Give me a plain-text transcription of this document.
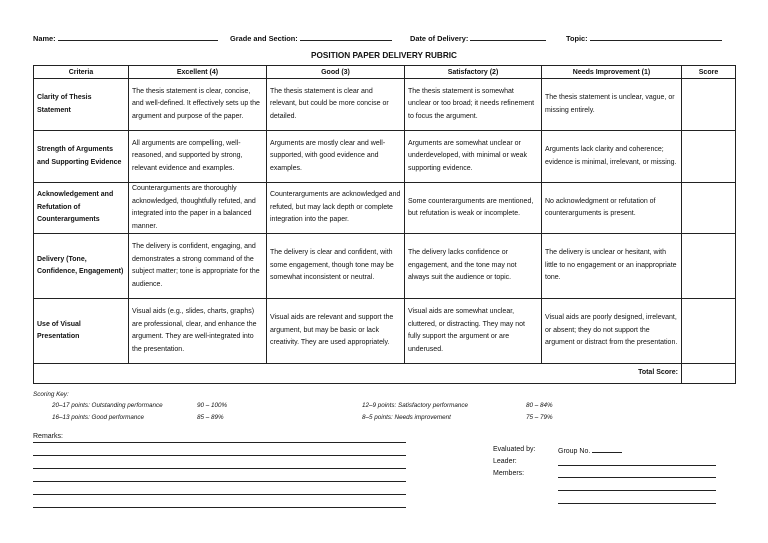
Name:	Grade and Section:	Date of Delivery:	Topic:
POSITION PAPER DELIVERY RUBRIC
Criteria	Excellent (4)	Good (3)	Satisfactory (2)	Needs Improvement (1)	Score
Clarity of Thesis Statement	The thesis statement is clear, concise, and well-defined. It effectively sets up the argument and purpose of the paper.	The thesis statement is clear and relevant, but could be more concise or detailed.	The thesis statement is somewhat unclear or too broad; it needs refinement to focus the argument.	The thesis statement is unclear, vague, or missing entirely.	
Strength of Arguments and Supporting Evidence	All arguments are compelling, well-reasoned, and supported by strong, relevant evidence and examples.	Arguments are mostly clear and well-supported, with good evidence and examples.	Arguments are somewhat unclear or underdeveloped, with minimal or weak supporting evidence.	Arguments lack clarity and coherence; evidence is minimal, irrelevant, or missing.	
Acknowledgement and Refutation of Counterarguments	Counterarguments are thoroughly acknowledged, thoughtfully refuted, and integrated into the paper in a balanced manner.	Counterarguments are acknowledged and refuted, but may lack depth or complete integration into the paper.	Some counterarguments are mentioned, but refutation is weak or incomplete.	No acknowledgment or refutation of counterarguments is present.	
Delivery (Tone, Confidence, Engagement)	The delivery is confident, engaging, and demonstrates a strong command of the subject matter; tone is appropriate for the audience.	The delivery is clear and confident, with some engagement, though tone may be somewhat inconsistent or neutral.	The delivery lacks confidence or engagement, and the tone may not always suit the audience or topic.	The delivery is unclear or hesitant, with little to no engagement or an inappropriate tone.	
Use of Visual Presentation	Visual aids (e.g., slides, charts, graphs) are professional, clear, and enhance the argument. They are well-integrated into the presentation.	Visual aids are relevant and support the argument, but may be basic or lack creativity. They are used appropriately.	Visual aids are somewhat unclear, cluttered, or distracting. They may not fully support the argument or are underused.	Visual aids are poorly designed, irrelevant, or absent; they do not support the argument or distract from the presentation.	
Total Score:					
Scoring Key:
20–17 points: Outstanding performance	90 – 100%
16–13 points: Good performance	85 – 89%
12–9 points: Satisfactory performance	80 – 84%
8–5 points: Needs improvement	75 – 79%
Remarks:
Evaluated by:	Group No.
Leader:
Members:
